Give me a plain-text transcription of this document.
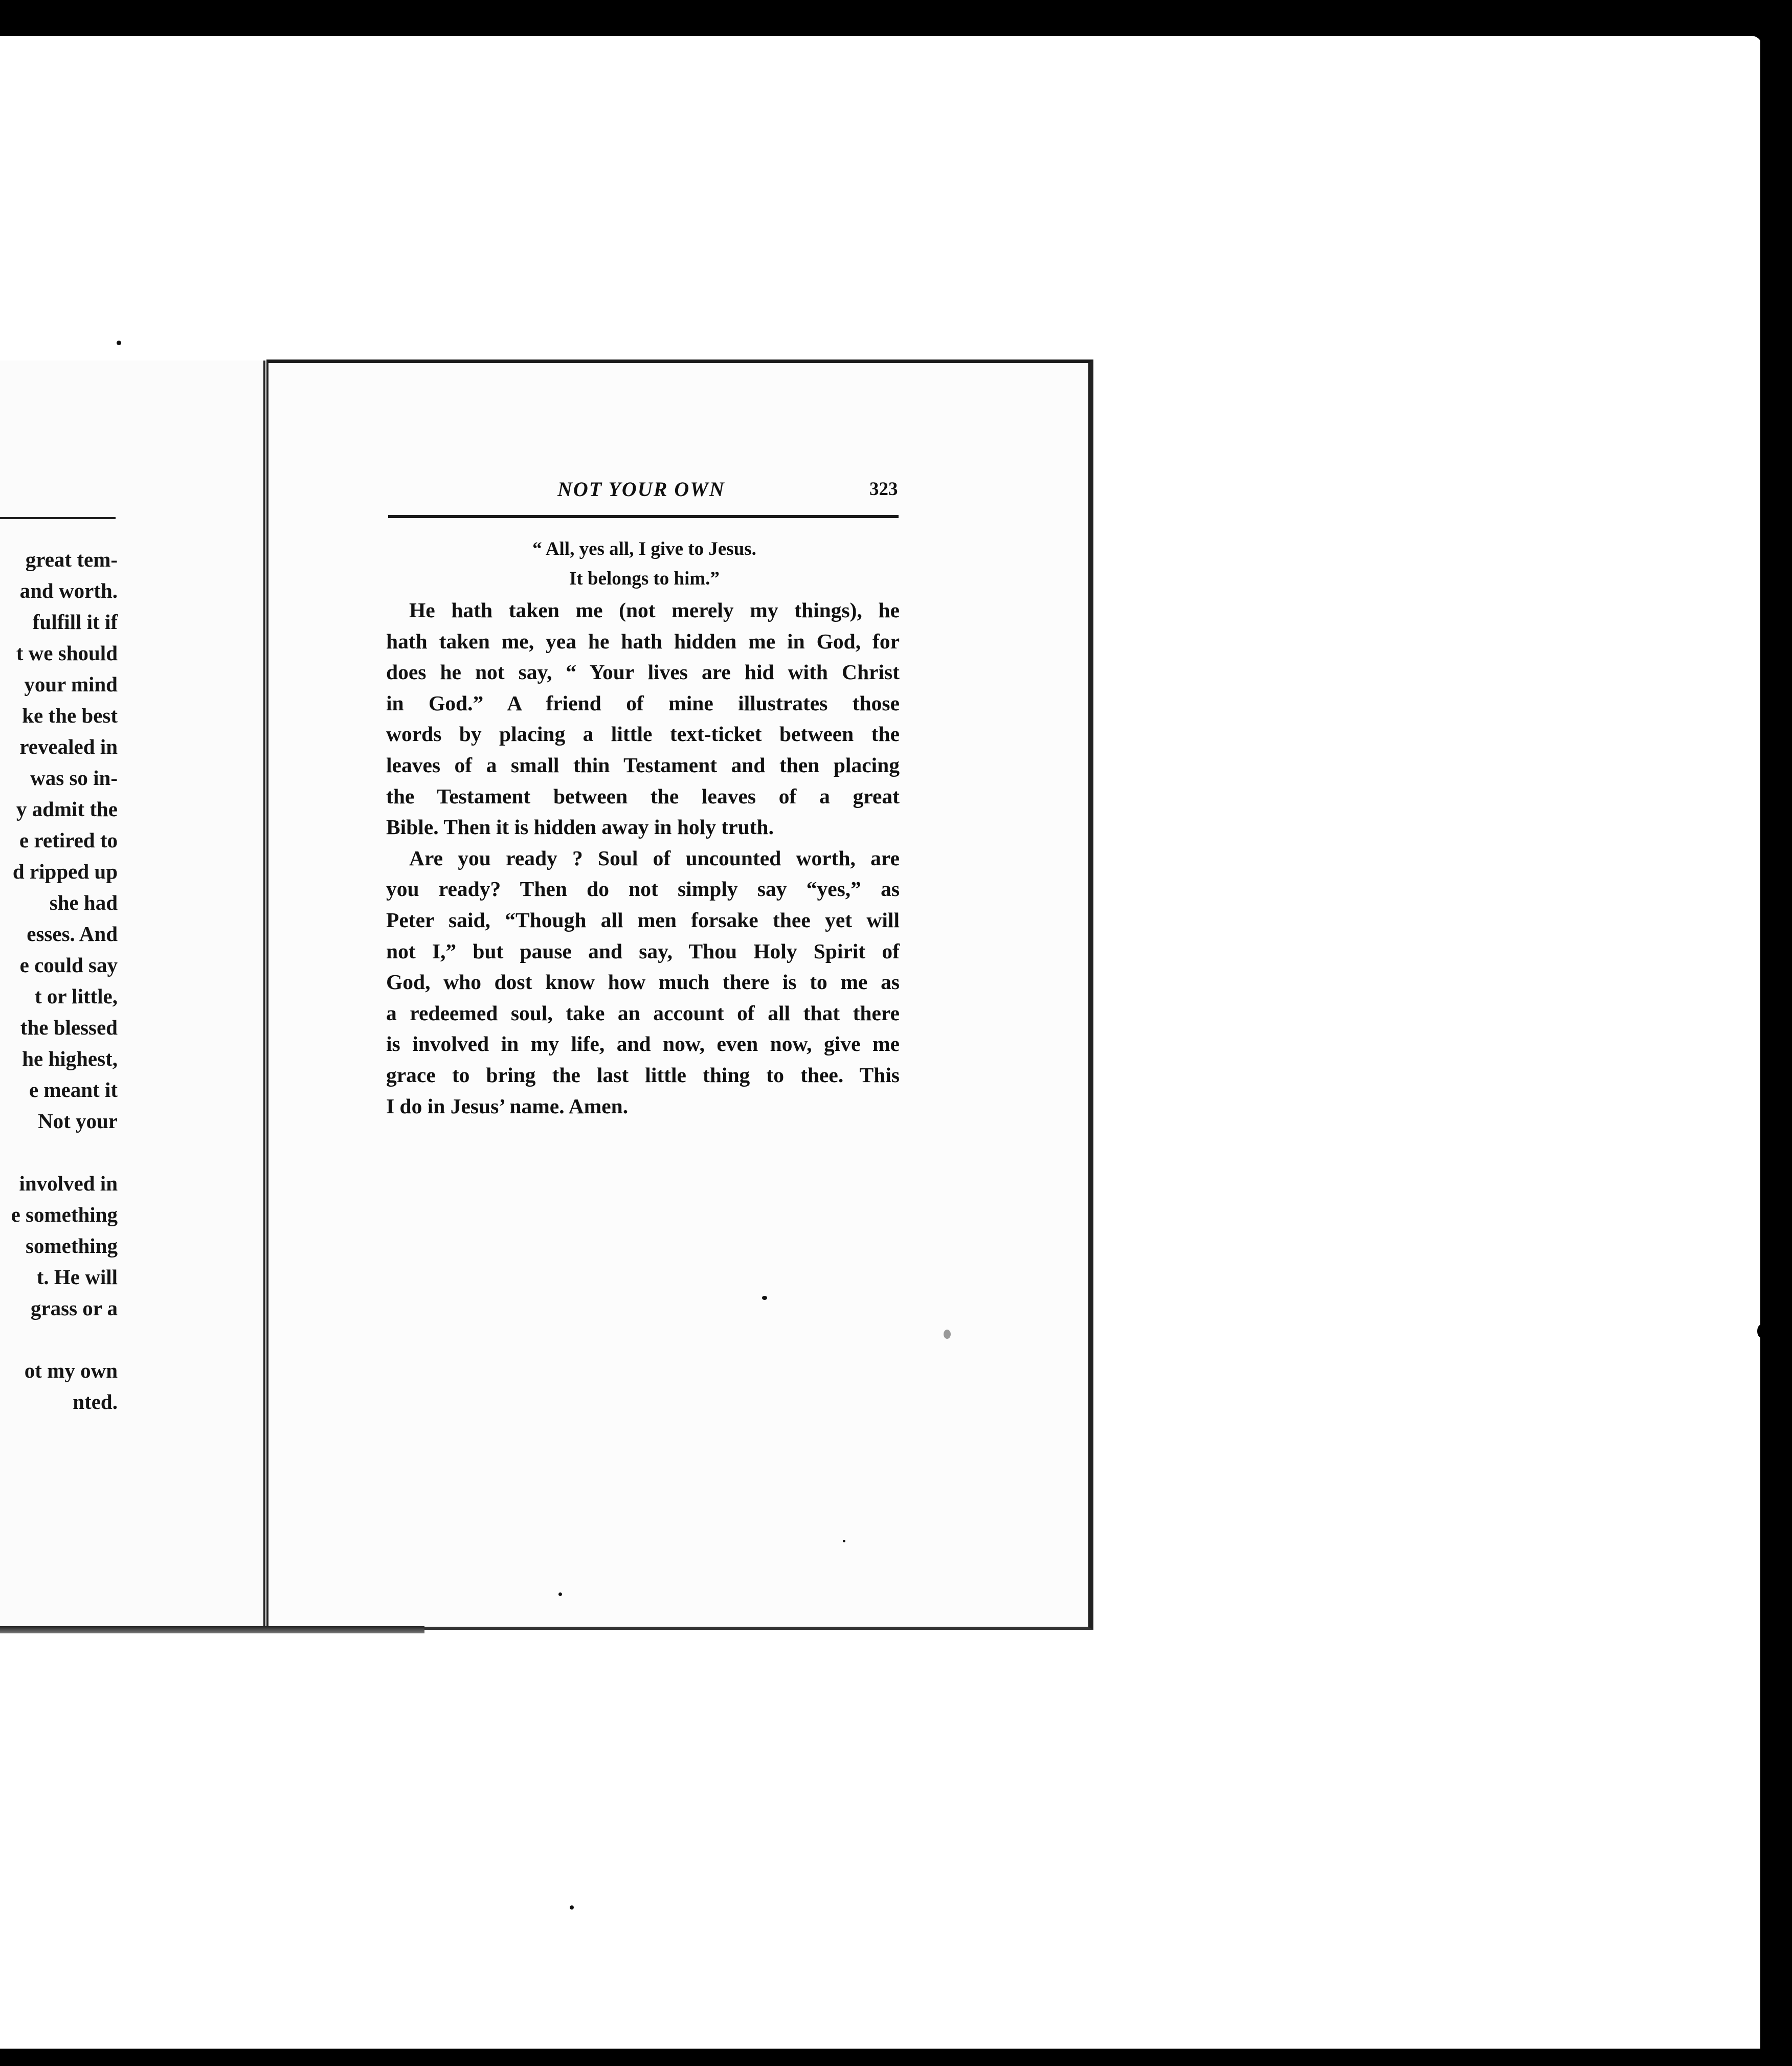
great tem-
and worth.
fulfill it if
t we should
your mind
ke the best
revealed in
was so in-
y admit the
e retired to
d ripped up
she had
esses. And
e could say
t or little,
the blessed
he highest,
e meant it
Not your
involved in
e something
something
t. He will
grass or a
ot my own
nted.
NOT YOUR OWN	323
“ All, yes all, I give to Jesus.
It belongs to him.”
He hath taken me (not merely my things), he
hath taken me, yea he hath hidden me in God, for
does he not say, “ Your lives are hid with Christ
in God.” A friend of mine illustrates those
words by placing a little text-ticket between the
leaves of a small thin Testament and then placing
the Testament between the leaves of a great
Bible. Then it is hidden away in holy truth.
Are you ready ? Soul of uncounted worth, are
you ready? Then do not simply say “yes,” as
Peter said, “Though all men forsake thee yet will
not I,” but pause and say, Thou Holy Spirit of
God, who dost know how much there is to me as
a redeemed soul, take an account of all that there
is involved in my life, and now, even now, give me
grace to bring the last little thing to thee. This
I do in Jesus’ name. Amen.
